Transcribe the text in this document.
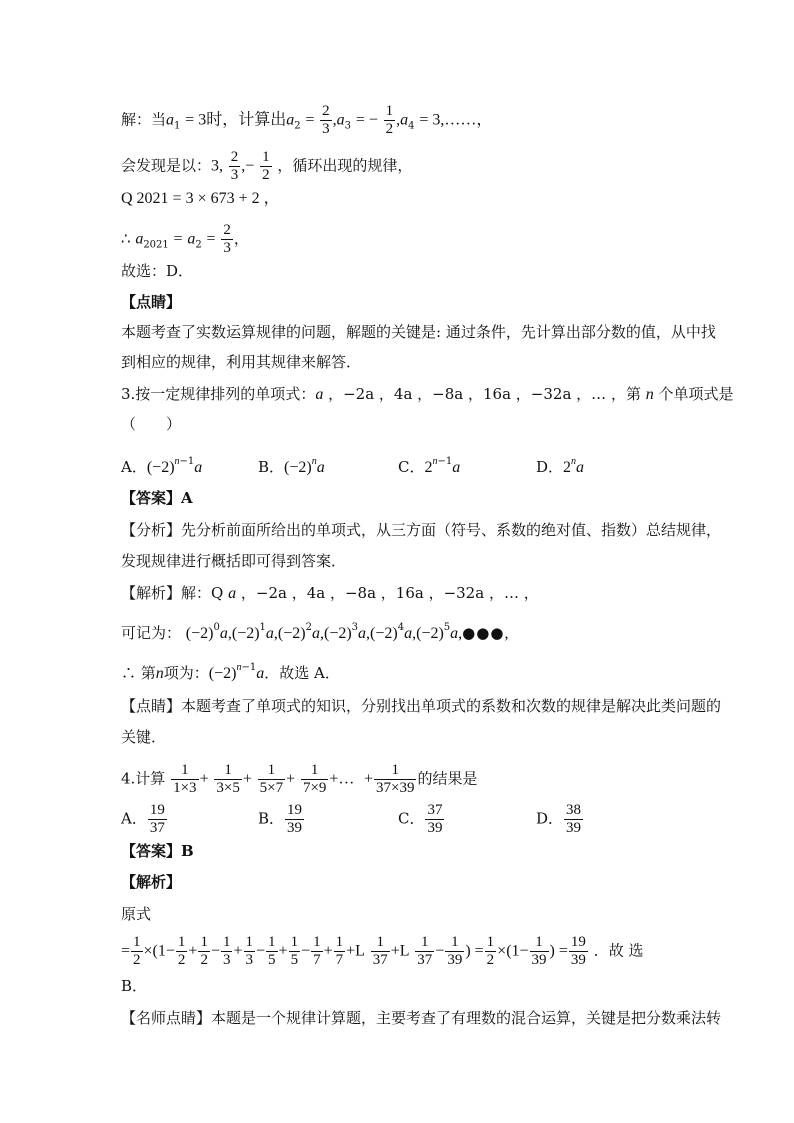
解：当$a_1 = 3$时，计算出$a_2 = \frac{2}{3} ,a_3$ = − $\frac{1}{2} ,a_4$ = 3,……，
会发现是以：3, $\frac{2}{3}$ ,− $\frac{1}{2}$ ，循环出现的规律，
Q 2021 = 3 × 673 + 2 ，
∴ $a_{2021} = a_2 = \frac{2}{3}$ ，
故选：D．
【点睛】
本题考查了实数运算规律的问题，解题的关键是: 通过条件，先计算出部分数的值，从中找
到相应的规律，利用其规律来解答．
3.按一定规律排列的单项式：a ，−2a ，4a ，−8a ，16a ，−32a ，… ，第 n 个单项式是
（　　）
A．$(-2)^{n-1}a$	B．$(-2)^na$	C．$2^{n-1}a$	D．2$^n$a
【答案】A
【分析】先分析前面所给出的单项式，从三方面（符号、系数的绝对值、指数）总结规律，
发现规律进行概括即可得到答案．
【解析】解：Q a ，−2a ，4a ，−8a ，16a ，−32a ，… ，
可记为： $(-2)^0a,(-2)^1a,(-2)^2a,(-2)^3a,(-2)^4a,(-2)^5a,●●●$,
∴ 第n项为：$(-2)^{n-1}a$．故选 A．
【点睛】本题考查了单项式的知识，分别找出单项式的系数和次数的规律是解决此类问题的
关键．
4.计算 $\frac{1}{1\times 3} + \frac{1}{3\times 5} + \frac{1}{5\times 7} + \frac{1}{7\times 9}$ +… + $\frac{1}{37\times 39}$ 的结果是
A． $\frac{19}{37}$	B． $\frac{19}{39}$	C． $\frac{37}{39}$	D． $\frac{38}{39}$
【答案】B
【解析】
原式
= $\frac{1}{2} \times(1- \frac{1}{2} + \frac{1}{2} - \frac{1}{3} + \frac{1}{3} - \frac{1}{5} + \frac{1}{5} - \frac{1}{7} + \frac{1}{7} +L \frac{1}{37} +L \frac{1}{37} - \frac{1}{39}$ ) = $\frac{1}{2} \times(1- \frac{1}{39}$ ) = $\frac{19}{39}$ ．故 选
B．
【名师点睛】本题是一个规律计算题，主要考查了有理数的混合运算，关键是把分数乘法转
